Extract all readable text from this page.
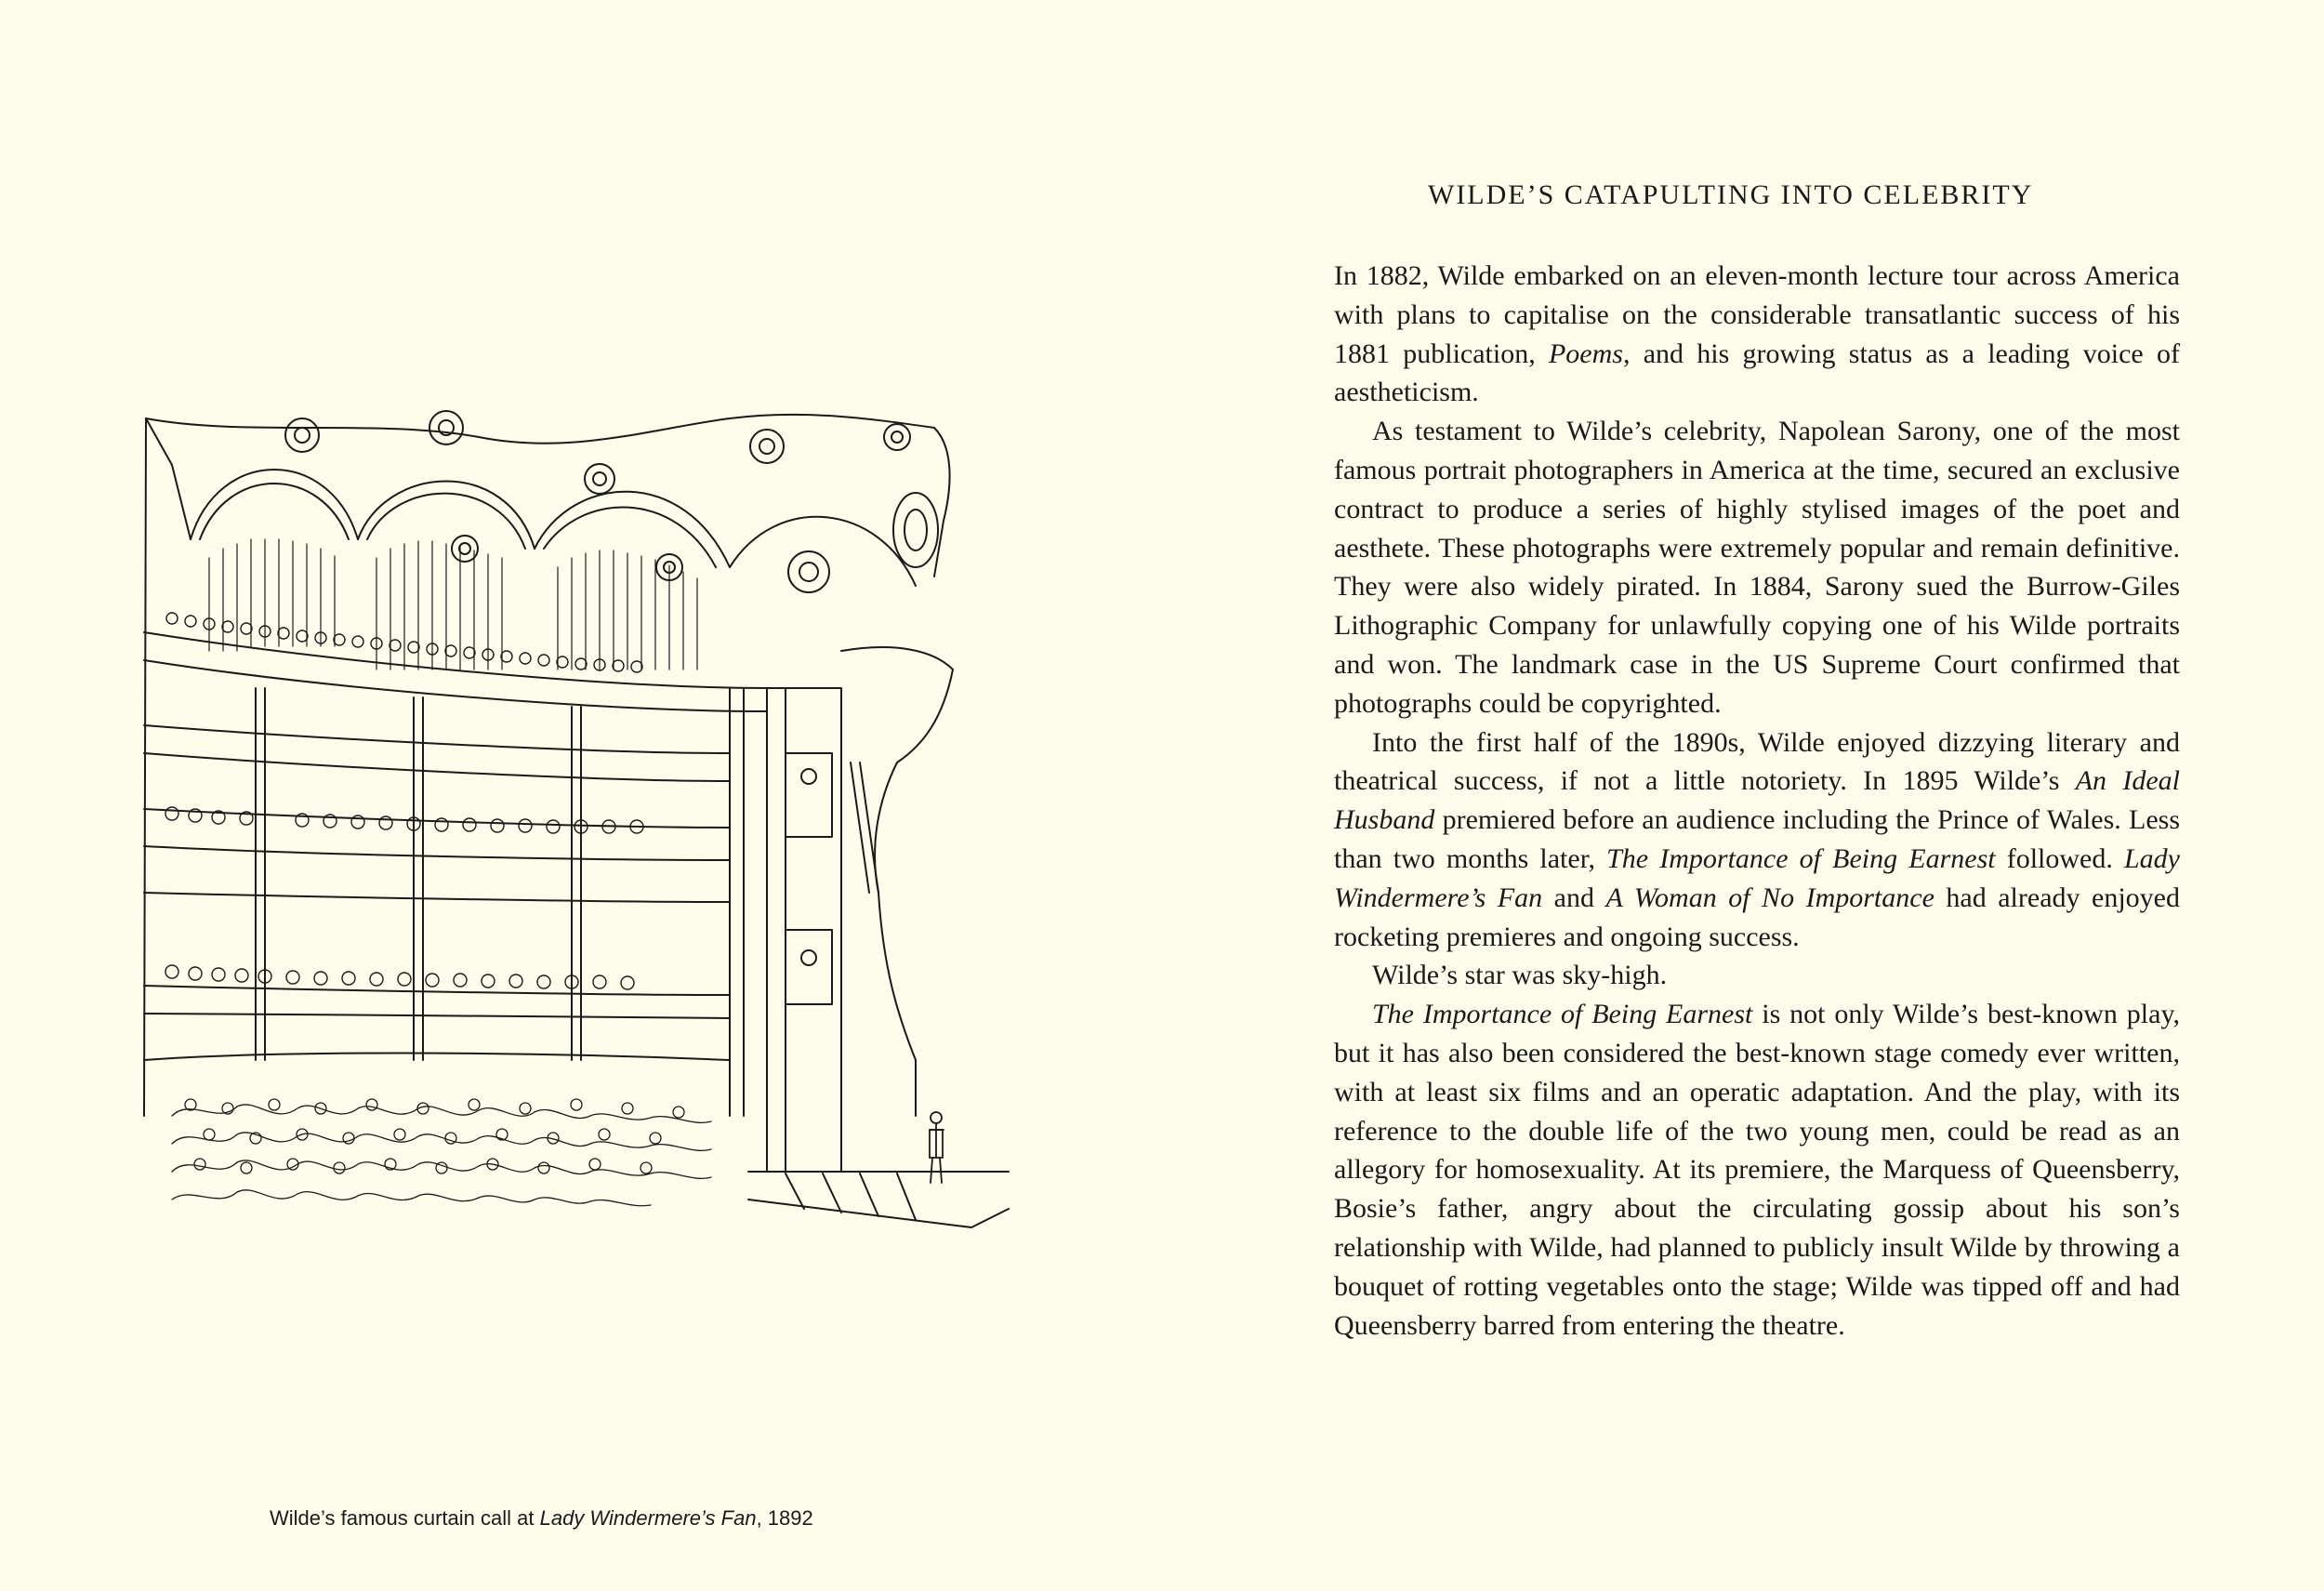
Wilde’s famous curtain call at Lady Windermere’s Fan, 1892
WILDE’S CATAPULTING INTO CELEBRITY

In 1882, Wilde embarked on an eleven-month lecture tour across America with plans to capitalise on the considerable transatlantic success of his 1881 publication, Poems, and his growing status as a leading voice of aestheticism.

As testament to Wilde’s celebrity, Napolean Sarony, one of the most famous portrait photographers in America at the time, secured an exclusive contract to produce a series of highly stylised images of the poet and aesthete. These photographs were extremely popular and remain definitive. They were also widely pirated. In 1884, Sarony sued the Burrow-Giles Lithographic Company for unlawfully copying one of his Wilde portraits and won. The landmark case in the US Supreme Court confirmed that photographs could be copyrighted.

Into the first half of the 1890s, Wilde enjoyed dizzying literary and theatrical success, if not a little notoriety. In 1895 Wilde’s An Ideal Husband premiered before an audience including the Prince of Wales. Less than two months later, The Importance of Being Earnest followed. Lady Windermere’s Fan and A Woman of No Importance had already enjoyed rocketing premieres and ongoing success.

Wilde’s star was sky-high.

The Importance of Being Earnest is not only Wilde’s best-known play, but it has also been considered the best-known stage comedy ever written, with at least six films and an operatic adaptation. And the play, with its reference to the double life of the two young men, could be read as an allegory for homosexuality. At its premiere, the Marquess of Queensberry, Bosie’s father, angry about the circulating gossip about his son’s relationship with Wilde, had planned to publicly insult Wilde by throwing a bouquet of rotting vegetables onto the stage; Wilde was tipped off and had Queensberry barred from entering the theatre.
